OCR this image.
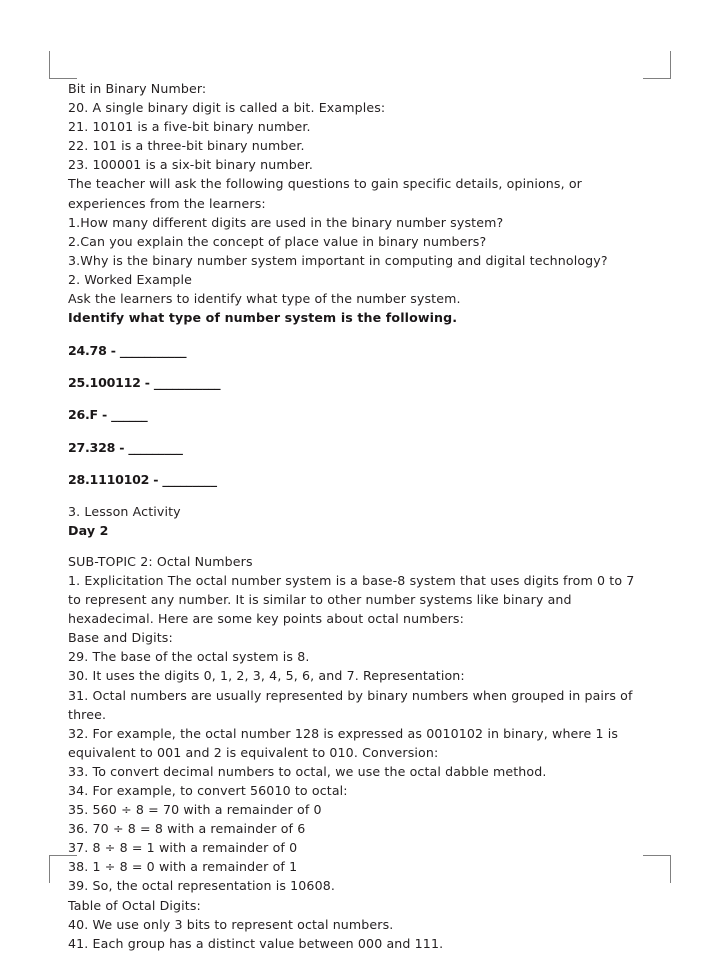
Bit in Binary Number:
20. A single binary digit is called a bit. Examples:
21. 10101 is a five-bit binary number.
22. 101 is a three-bit binary number.
23. 100001 is a six-bit binary number.
The teacher will ask the following questions to gain specific details, opinions, or experiences from the learners:
1.How many different digits are used in the binary number system?
2.Can you explain the concept of place value in binary numbers?
3.Why is the binary number system important in computing and digital technology?
2. Worked Example
Ask the learners to identify what type of the number system.
Identify what type of number system is the following.
24.78 - ___________
25.100112 - ___________
26.F - ______
27.328 - _________
28.1110102 - _________
3. Lesson Activity
Day 2
SUB-TOPIC 2: Octal Numbers
1. Explicitation The octal number system is a base-8 system that uses digits from 0 to 7 to represent any number. It is similar to other number systems like binary and hexadecimal. Here are some key points about octal numbers:
Base and Digits:
29. The base of the octal system is 8.
30. It uses the digits 0, 1, 2, 3, 4, 5, 6, and 7. Representation:
31. Octal numbers are usually represented by binary numbers when grouped in pairs of three.
32. For example, the octal number 128 is expressed as 0010102 in binary, where 1 is equivalent to 001 and 2 is equivalent to 010. Conversion:
33. To convert decimal numbers to octal, we use the octal dabble method.
34. For example, to convert 56010 to octal:
35. 560 ÷ 8 = 70 with a remainder of 0
36. 70 ÷ 8 = 8 with a remainder of 6
37. 8 ÷ 8 = 1 with a remainder of 0
38. 1 ÷ 8 = 0 with a remainder of 1
39. So, the octal representation is 10608.
Table of Octal Digits:
40. We use only 3 bits to represent octal numbers.
41. Each group has a distinct value between 000 and 111.
